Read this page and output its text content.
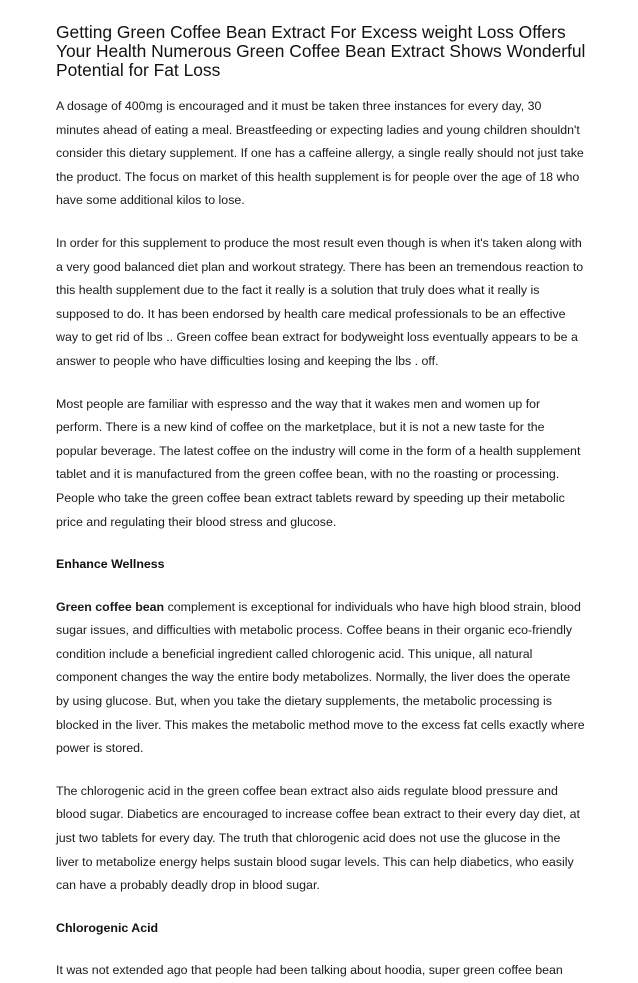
Getting Green Coffee Bean Extract For Excess weight Loss Offers Your Health Numerous Green Coffee Bean Extract Shows Wonderful Potential for Fat Loss

A dosage of 400mg is encouraged and it must be taken three instances for every day, 30 minutes ahead of eating a meal. Breastfeeding or expecting ladies and young children shouldn't consider this dietary supplement. If one has a caffeine allergy, a single really should not just take the product. The focus on market of this health supplement is for people over the age of 18 who have some additional kilos to lose.

In order for this supplement to produce the most result even though is when it's taken along with a very good balanced diet plan and workout strategy. There has been an tremendous reaction to this health supplement due to the fact it really is a solution that truly does what it really is supposed to do. It has been endorsed by health care medical professionals to be an effective way to get rid of lbs .. Green coffee bean extract for bodyweight loss eventually appears to be a answer to people who have difficulties losing and keeping the lbs . off.

Most people are familiar with espresso and the way that it wakes men and women up for perform. There is a new kind of coffee on the marketplace, but it is not a new taste for the popular beverage. The latest coffee on the industry will come in the form of a health supplement tablet and it is manufactured from the green coffee bean, with no the roasting or processing. People who take the green coffee bean extract tablets reward by speeding up their metabolic price and regulating their blood stress and glucose.

Enhance Wellness

Green coffee bean complement is exceptional for individuals who have high blood strain, blood sugar issues, and difficulties with metabolic process. Coffee beans in their organic eco-friendly condition include a beneficial ingredient called chlorogenic acid. This unique, all natural component changes the way the entire body metabolizes. Normally, the liver does the operate by using glucose. But, when you take the dietary supplements, the metabolic processing is blocked in the liver. This makes the metabolic method move to the excess fat cells exactly where power is stored.

The chlorogenic acid in the green coffee bean extract also aids regulate blood pressure and blood sugar. Diabetics are encouraged to increase coffee bean extract to their every day diet, at just two tablets for every day. The truth that chlorogenic acid does not use the glucose in the liver to metabolize energy helps sustain blood sugar levels. This can help diabetics, who easily can have a probably deadly drop in blood sugar.

Chlorogenic Acid

It was not extended ago that people had been talking about hoodia, super green coffee bean
